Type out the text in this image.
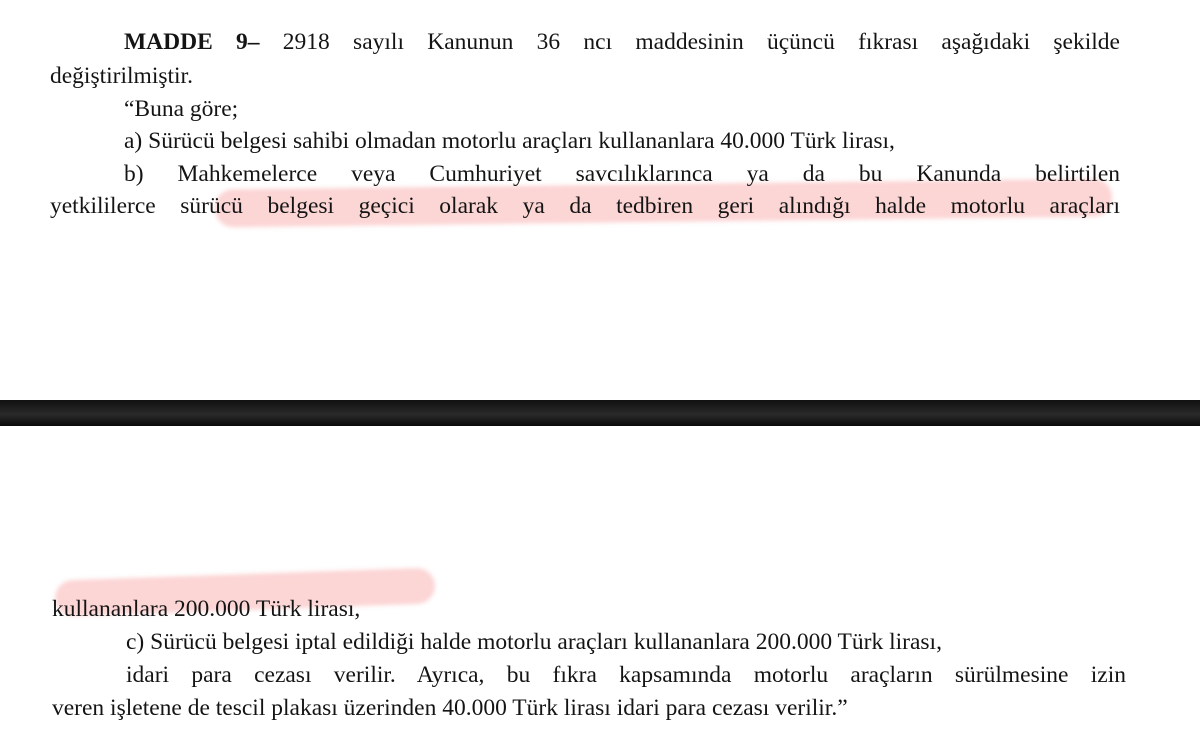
MADDE 9– 2918 sayılı Kanunun 36 ncı maddesinin üçüncü fıkrası aşağıdaki şekilde
değiştirilmiştir.
“Buna göre;
a) Sürücü belgesi sahibi olmadan motorlu araçları kullananlara 40.000 Türk lirası,
b) Mahkemelerce veya Cumhuriyet savcılıklarınca ya da bu Kanunda belirtilen
yetkililerce sürücü belgesi geçici olarak ya da tedbiren geri alındığı halde motorlu araçları
kullananlara 200.000 Türk lirası,
c) Sürücü belgesi iptal edildiği halde motorlu araçları kullananlara 200.000 Türk lirası,
idari para cezası verilir. Ayrıca, bu fıkra kapsamında motorlu araçların sürülmesine izin
veren işletene de tescil plakası üzerinden 40.000 Türk lirası idari para cezası verilir.”
